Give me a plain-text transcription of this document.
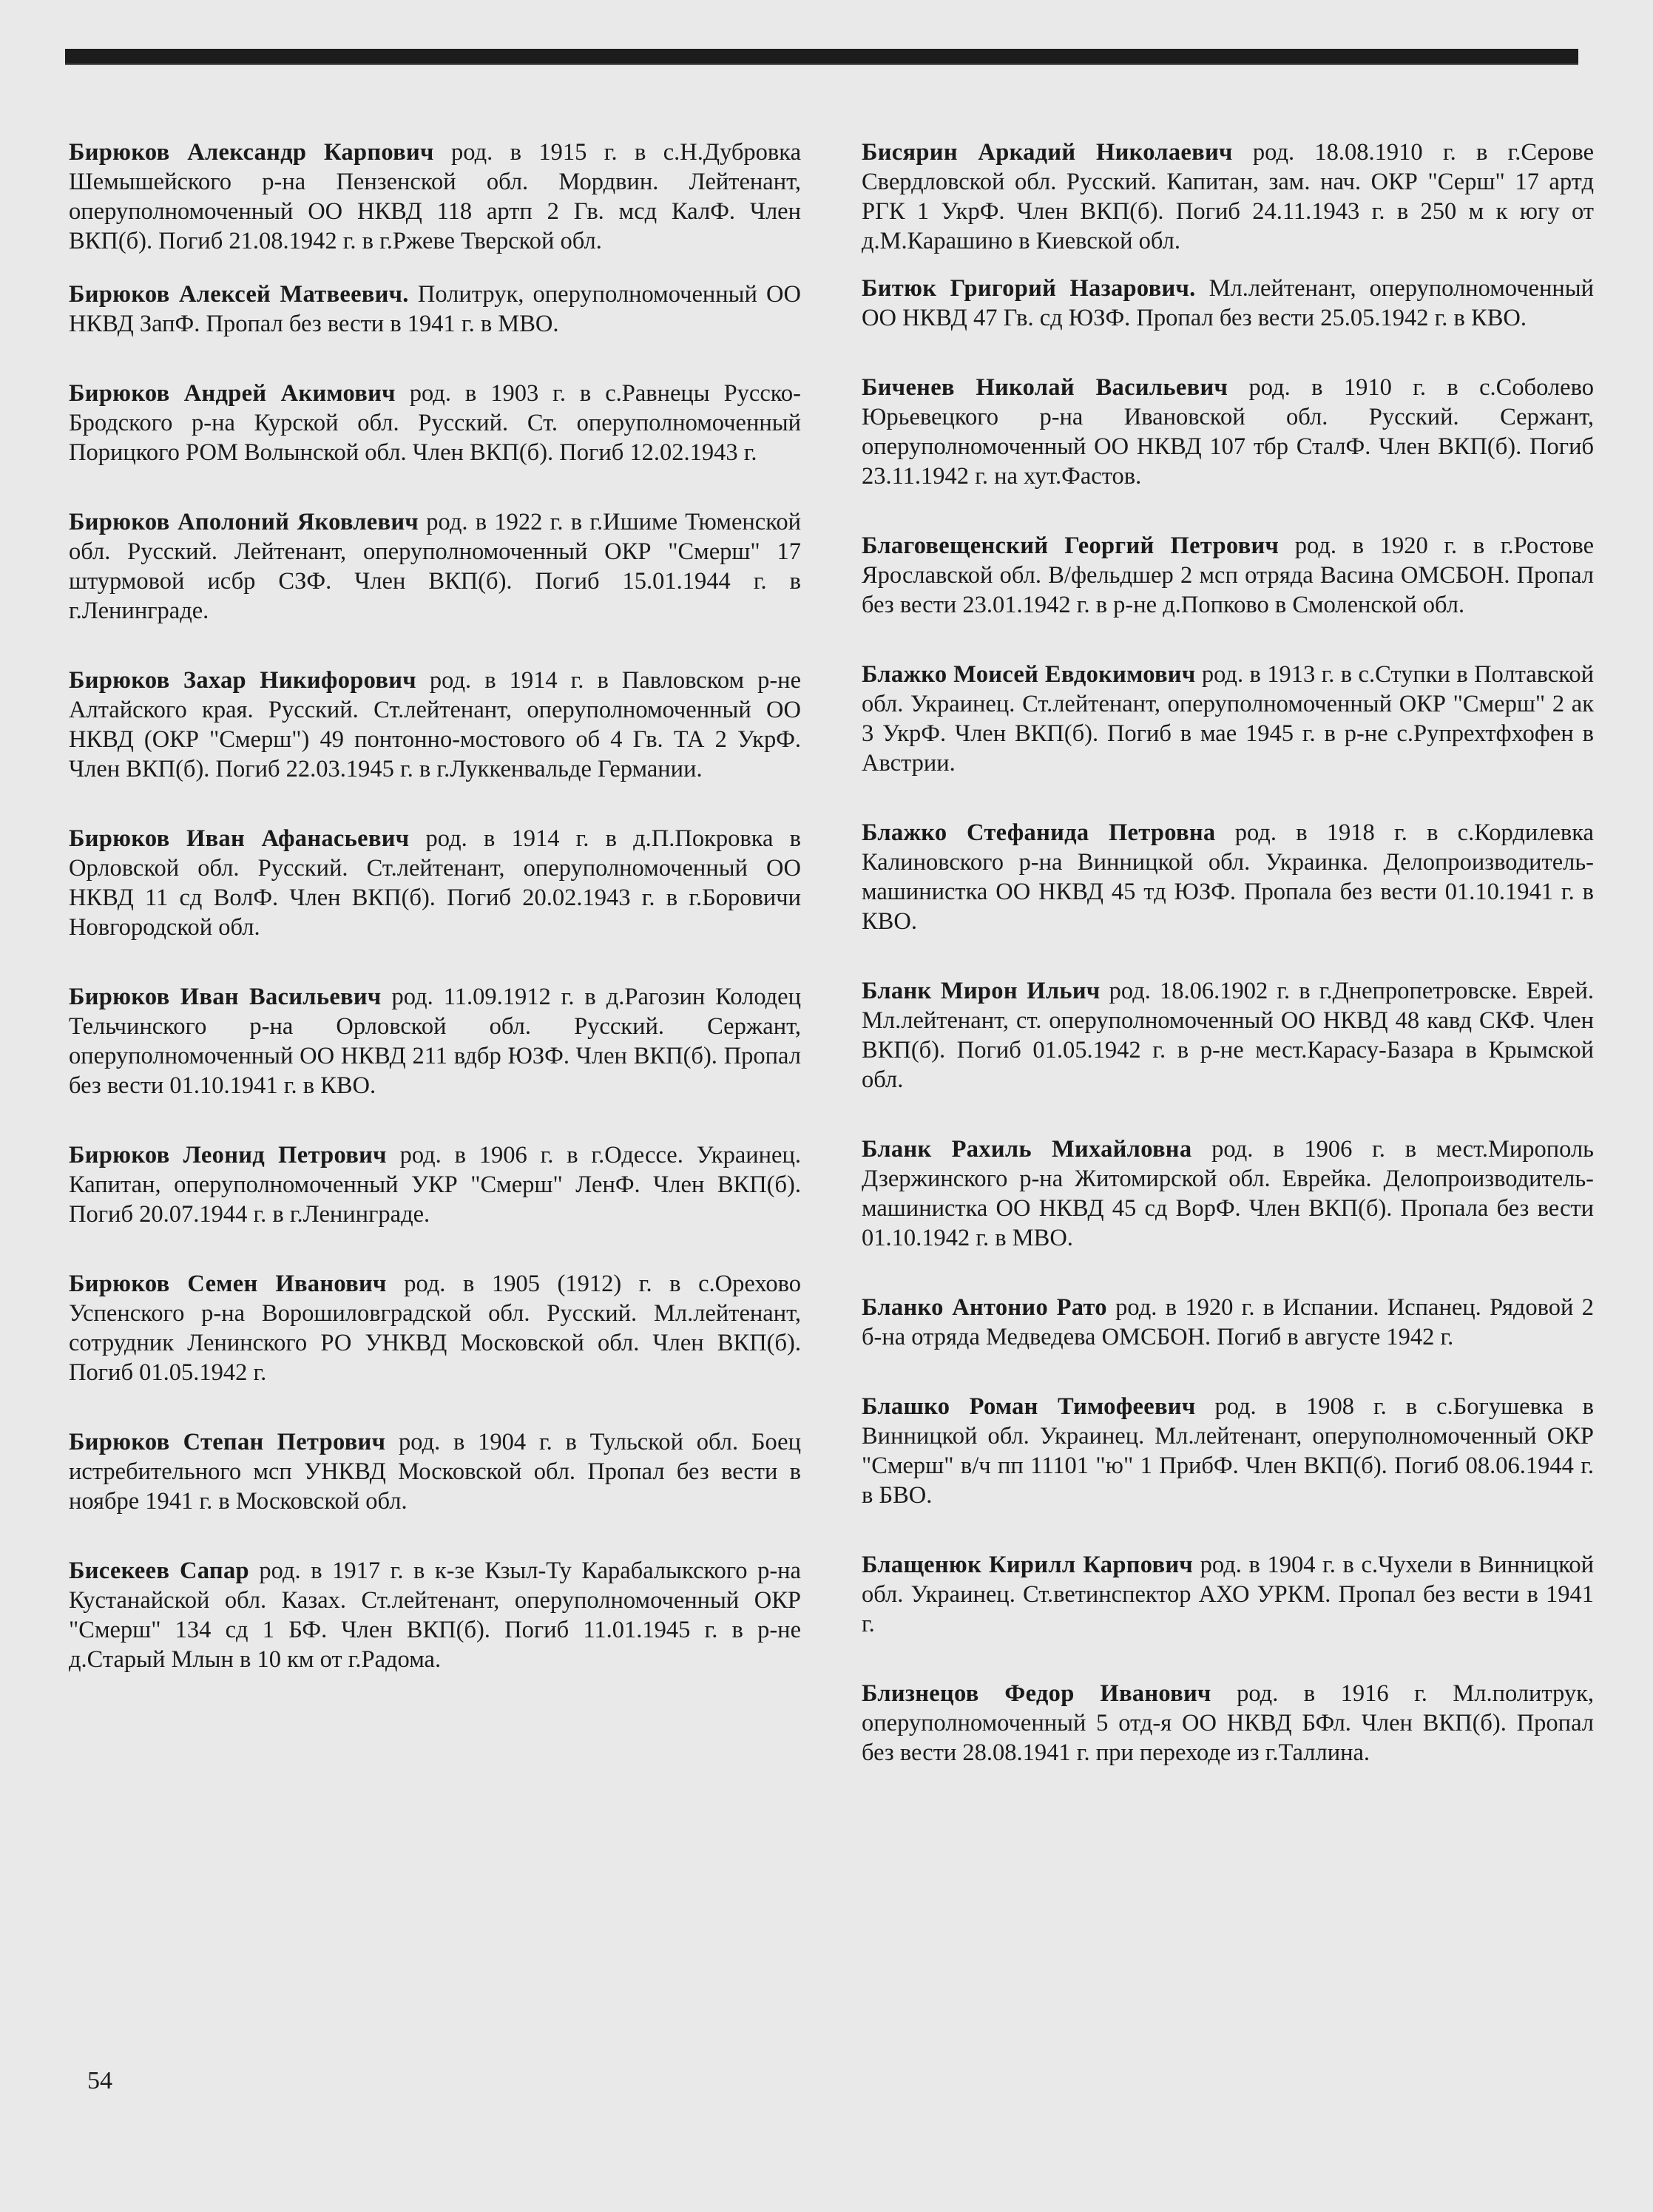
Бирюков Александр Карпович род. в 1915 г. в с.Н.Дубровка Шемышейского р-на Пензенской обл. Мордвин. Лейтенант, оперуполномоченный ОО НКВД 118 артп 2 Гв. мсд КалФ. Член ВКП(б). Погиб 21.08.1942 г. в г.Ржеве Тверской обл.

Бирюков Алексей Матвеевич. Политрук, оперуполномоченный ОО НКВД ЗапФ. Пропал без вести в 1941 г. в МВО.

Бирюков Андрей Акимович род. в 1903 г. в с.Равнецы Русско-Бродского р-на Курской обл. Русский. Ст. оперуполномоченный Порицкого РОМ Волынской обл. Член ВКП(б). Погиб 12.02.1943 г.

Бирюков Аполоний Яковлевич род. в 1922 г. в г.Ишиме Тюменской обл. Русский. Лейтенант, оперуполномоченный ОКР "Смерш" 17 штурмовой исбр СЗФ. Член ВКП(б). Погиб 15.01.1944 г. в г.Ленинграде.

Бирюков Захар Никифорович род. в 1914 г. в Павловском р-не Алтайского края. Русский. Ст.лейтенант, оперуполномоченный ОО НКВД (ОКР "Смерш") 49 понтонно-мостового об 4 Гв. ТА 2 УкрФ. Член ВКП(б). Погиб 22.03.1945 г. в г.Луккенвальде Германии.

Бирюков Иван Афанасьевич род. в 1914 г. в д.П.Покровка в Орловской обл. Русский. Ст.лейтенант, оперуполномоченный ОО НКВД 11 сд ВолФ. Член ВКП(б). Погиб 20.02.1943 г. в г.Боровичи Новгородской обл.

Бирюков Иван Васильевич род. 11.09.1912 г. в д.Рагозин Колодец Тельчинского р-на Орловской обл. Русский. Сержант, оперуполномоченный ОО НКВД 211 вдбр ЮЗФ. Член ВКП(б). Пропал без вести 01.10.1941 г. в КВО.

Бирюков Леонид Петрович род. в 1906 г. в г.Одессе. Украинец. Капитан, оперуполномоченный УКР "Смерш" ЛенФ. Член ВКП(б). Погиб 20.07.1944 г. в г.Ленинграде.

Бирюков Семен Иванович род. в 1905 (1912) г. в с.Орехово Успенского р-на Ворошиловградской обл. Русский. Мл.лейтенант, сотрудник Ленинского РО УНКВД Московской обл. Член ВКП(б). Погиб 01.05.1942 г.

Бирюков Степан Петрович род. в 1904 г. в Тульской обл. Боец истребительного мсп УНКВД Московской обл. Пропал без вести в ноябре 1941 г. в Московской обл.

Бисекеев Сапар род. в 1917 г. в к-зе Кзыл-Ту Карабалыкского р-на Кустанайской обл. Казах. Ст.лейтенант, оперуполномоченный ОКР "Смерш" 134 сд 1 БФ. Член ВКП(б). Погиб 11.01.1945 г. в р-не д.Старый Млын в 10 км от г.Радома.

Бисярин Аркадий Николаевич род. 18.08.1910 г. в г.Серове Свердловской обл. Русский. Капитан, зам. нач. ОКР "Серш" 17 артд РГК 1 УкрФ. Член ВКП(б). Погиб 24.11.1943 г. в 250 м к югу от д.М.Карашино в Киевской обл.

Битюк Григорий Назарович. Мл.лейтенант, оперуполномоченный ОО НКВД 47 Гв. сд ЮЗФ. Пропал без вести 25.05.1942 г. в КВО.

Биченев Николай Васильевич род. в 1910 г. в с.Соболево Юрьевецкого р-на Ивановской обл. Русский. Сержант, оперуполномоченный ОО НКВД 107 тбр СталФ. Член ВКП(б). Погиб 23.11.1942 г. на хут.Фастов.

Благовещенский Георгий Петрович род. в 1920 г. в г.Ростове Ярославской обл. В/фельдшер 2 мсп отряда Васина ОМСБОН. Пропал без вести 23.01.1942 г. в р-не д.Попково в Смоленской обл.

Блажко Моисей Евдокимович род. в 1913 г. в с.Ступки в Полтавской обл. Украинец. Ст.лейтенант, оперуполномоченный ОКР "Смерш" 2 ак 3 УкрФ. Член ВКП(б). Погиб в мае 1945 г. в р-не с.Рупрехтфхофен в Австрии.

Блажко Стефанида Петровна род. в 1918 г. в с.Кордилевка Калиновского р-на Винницкой обл. Украинка. Делопроизводитель-машинистка ОО НКВД 45 тд ЮЗФ. Пропала без вести 01.10.1941 г. в КВО.

Бланк Мирон Ильич род. 18.06.1902 г. в г.Днепропетровске. Еврей. Мл.лейтенант, ст. оперуполномоченный ОО НКВД 48 кавд СКФ. Член ВКП(б). Погиб 01.05.1942 г. в р-не мест.Карасу-Базара в Крымской обл.

Бланк Рахиль Михайловна род. в 1906 г. в мест.Мирополь Дзержинского р-на Житомирской обл. Еврейка. Делопроизводитель-машинистка ОО НКВД 45 сд ВорФ. Член ВКП(б). Пропала без вести 01.10.1942 г. в МВО.

Бланко Антонио Рато род. в 1920 г. в Испании. Испанец. Рядовой 2 б-на отряда Медведева ОМСБОН. Погиб в августе 1942 г.

Блашко Роман Тимофеевич род. в 1908 г. в с.Богушевка в Винницкой обл. Украинец. Мл.лейтенант, оперуполномоченный ОКР "Смерш" в/ч пп 11101 "ю" 1 ПрибФ. Член ВКП(б). Погиб 08.06.1944 г. в БВО.

Блащенюк Кирилл Карпович род. в 1904 г. в с.Чухели в Винницкой обл. Украинец. Ст.ветинспектор АХО УРКМ. Пропал без вести в 1941 г.

Близнецов Федор Иванович род. в 1916 г. Мл.политрук, оперуполномоченный 5 отд-я ОО НКВД БФл. Член ВКП(б). Пропал без вести 28.08.1941 г. при переходе из г.Таллина.

54
